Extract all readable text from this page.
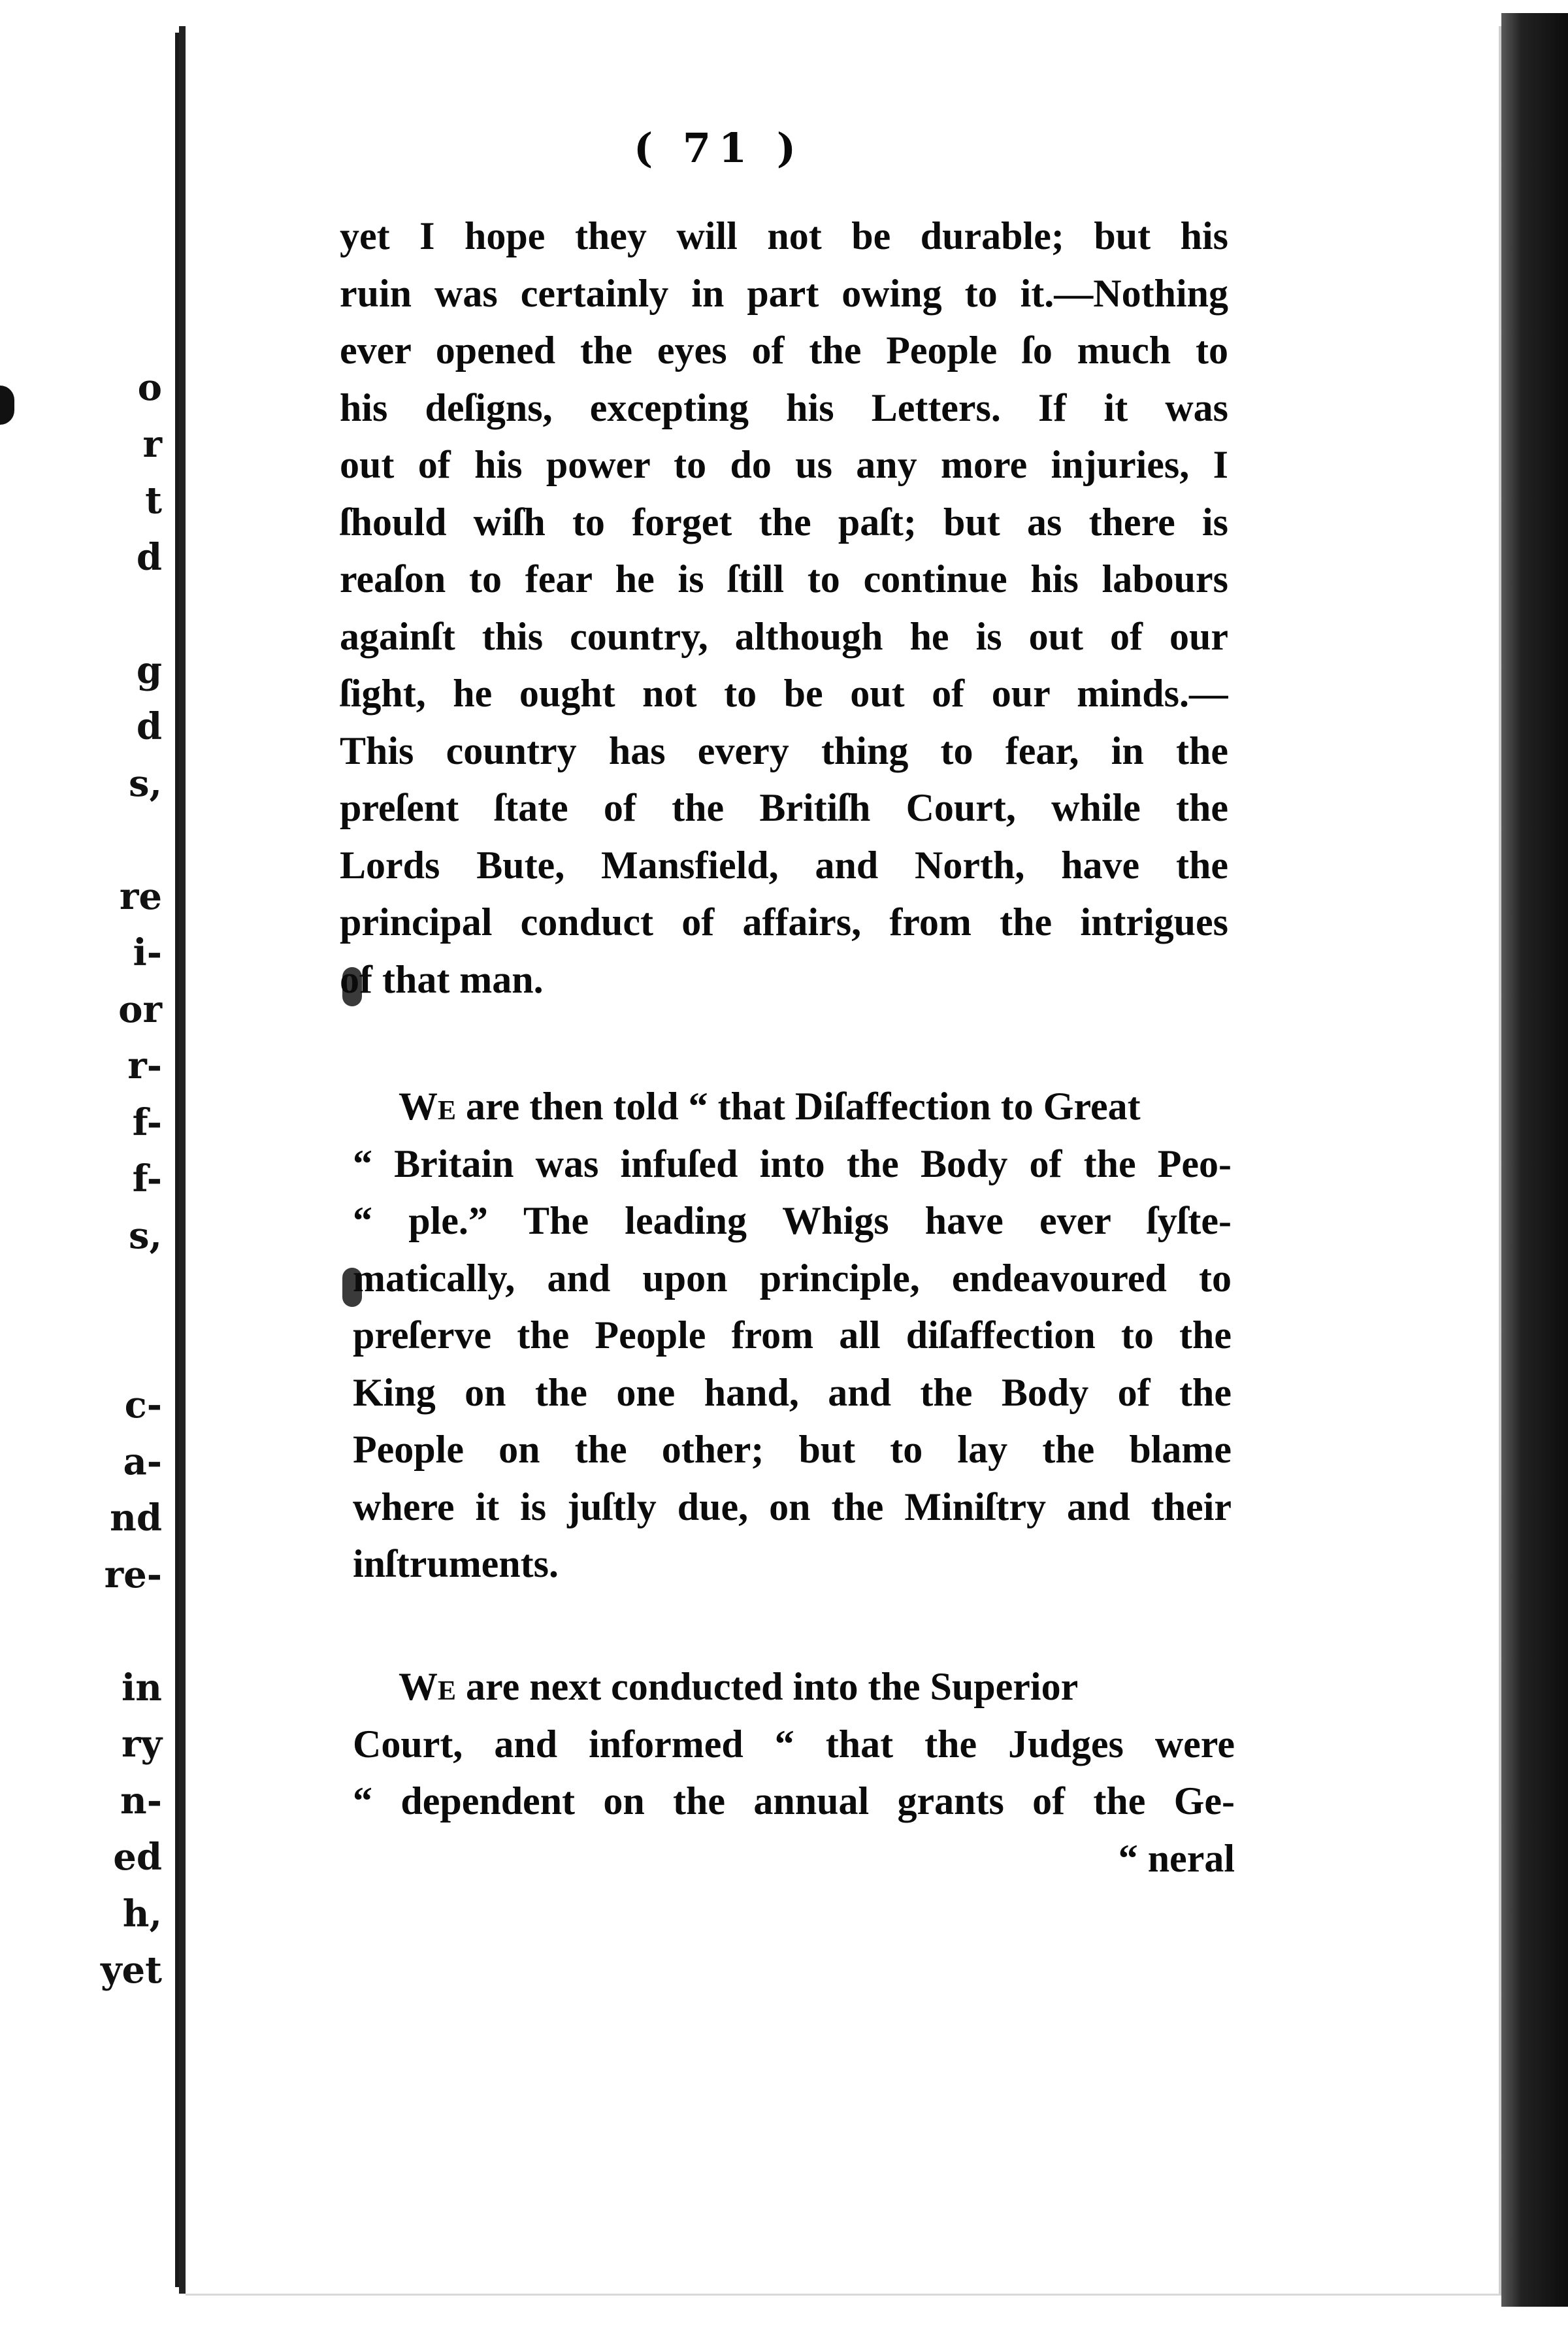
o
r
t
d
g
d
s,
re
i-
or
r-
f-
f-
s,
c-
a-
nd
re-
in
ry
n-
ed
h,
yet
( 71 )
yet I hope they will not be durable; but his
ruin was certainly in part owing to it.—Nothing
ever opened the eyes of the People ſo much to
his deſigns, excepting his Letters. If it was
out of his power to do us any more injuries, I
ſhould wiſh to forget the paſt; but as there is
reaſon to fear he is ſtill to continue his labours
againſt this country, although he is out of our
ſight, he ought not to be out of our minds.—
This country has every thing to fear, in the
preſent ſtate of the Britiſh Court, while the
Lords Bute, Mansfield, and North, have the
principal conduct of affairs, from the intrigues
of that man.
We are then told “ that Diſaffection to Great
“ Britain was infuſed into the Body of the Peo-
“ ple.” The leading Whigs have ever ſyſte-
matically, and upon principle, endeavoured to
preſerve the People from all diſaffection to the
King on the one hand, and the Body of the
People on the other; but to lay the blame
where it is juſtly due, on the Miniſtry and their
inſtruments.
We are next conducted into the Superior
Court, and informed “ that the Judges were
“ dependent on the annual grants of the Ge-
“ neral
